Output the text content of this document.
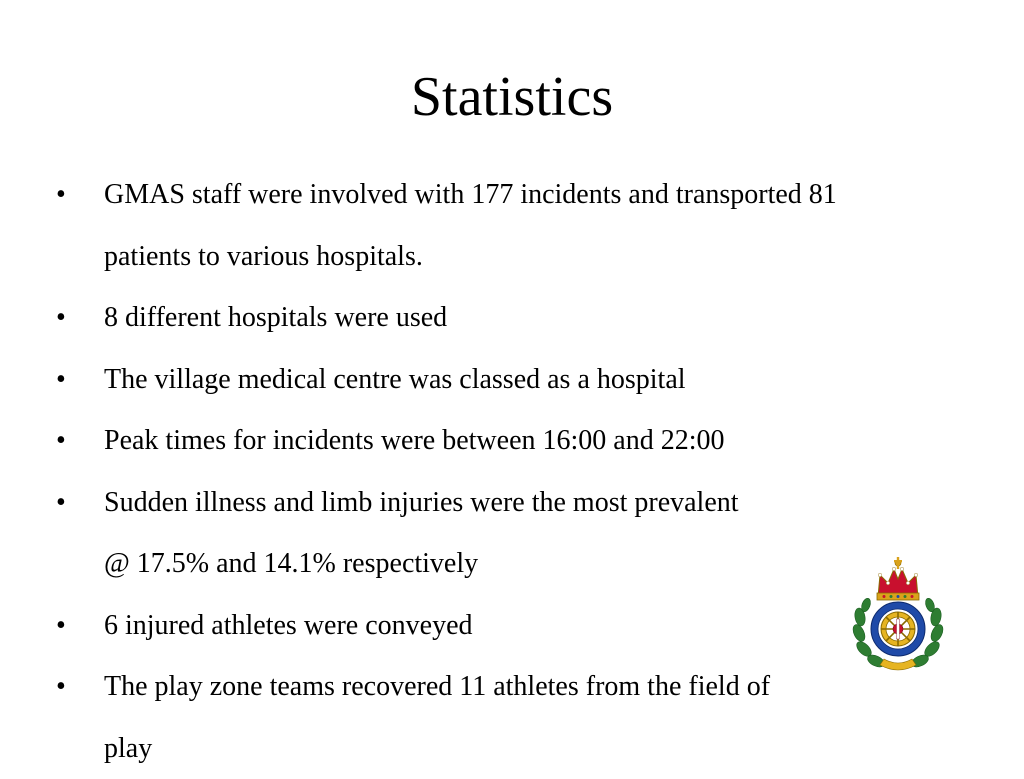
Statistics
•	GMAS staff were involved with 177 incidents and transported 81 patients to various hospitals.
•	8 different hospitals were used
•	The village medical centre was classed as a hospital
•	Peak times for incidents were between 16:00 and 22:00
•	Sudden illness and limb injuries were the most prevalent @ 17.5% and 14.1% respectively
•	6 injured athletes were conveyed
•	The play zone teams recovered 11 athletes from the field of play
